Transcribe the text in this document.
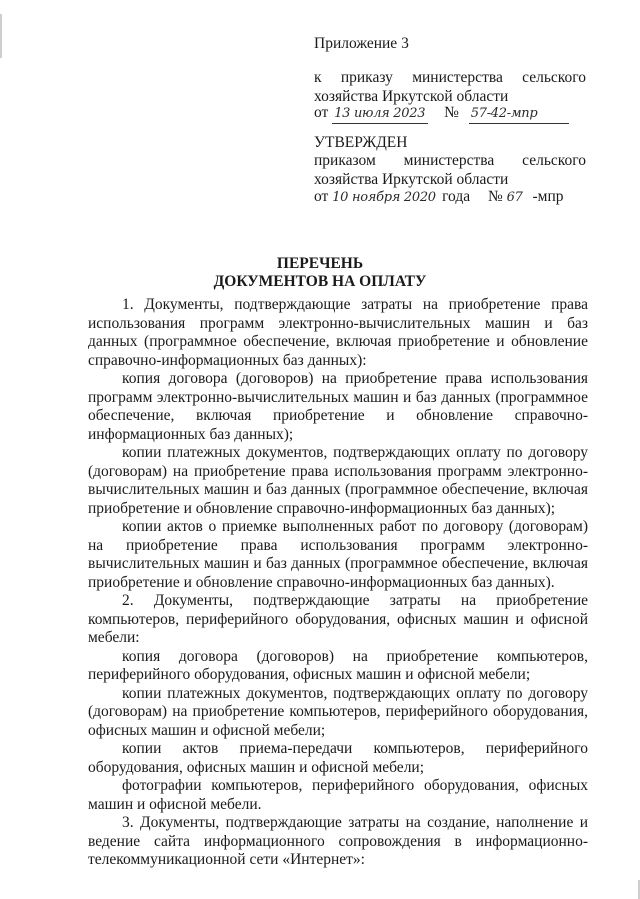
Приложение 3
к приказу министерства сельского
хозяйства Иркутской области
от 13 июля 2023 № 57-42-мпр
УТВЕРЖДЕН
приказом министерства сельского
хозяйства Иркутской области
от 10 ноября 2020 года № 67 -мпр
ПЕРЕЧЕНЬ
ДОКУМЕНТОВ НА ОПЛАТУ

1. Документы, подтверждающие затраты на приобретение права использования программ электронно-вычислительных машин и баз данных (программное обеспечение, включая приобретение и обновление справочно-информационных баз данных):

копия договора (договоров) на приобретение права использования программ электронно-вычислительных машин и баз данных (программное обеспечение, включая приобретение и обновление справочно-информационных баз данных);

копии платежных документов, подтверждающих оплату по договору (договорам) на приобретение права использования программ электронно-вычислительных машин и баз данных (программное обеспечение, включая приобретение и обновление справочно-информационных баз данных);

копии актов о приемке выполненных работ по договору (договорам) на приобретение права использования программ электронно-вычислительных машин и баз данных (программное обеспечение, включая приобретение и обновление справочно-информационных баз данных).

2. Документы, подтверждающие затраты на приобретение компьютеров, периферийного оборудования, офисных машин и офисной мебели:

копия договора (договоров) на приобретение компьютеров, периферийного оборудования, офисных машин и офисной мебели;

копии платежных документов, подтверждающих оплату по договору (договорам) на приобретение компьютеров, периферийного оборудования, офисных машин и офисной мебели;

копии актов приема-передачи компьютеров, периферийного оборудования, офисных машин и офисной мебели;

фотографии компьютеров, периферийного оборудования, офисных машин и офисной мебели.

3. Документы, подтверждающие затраты на создание, наполнение и ведение сайта информационного сопровождения в информационно-телекоммуникационной сети «Интернет»:
